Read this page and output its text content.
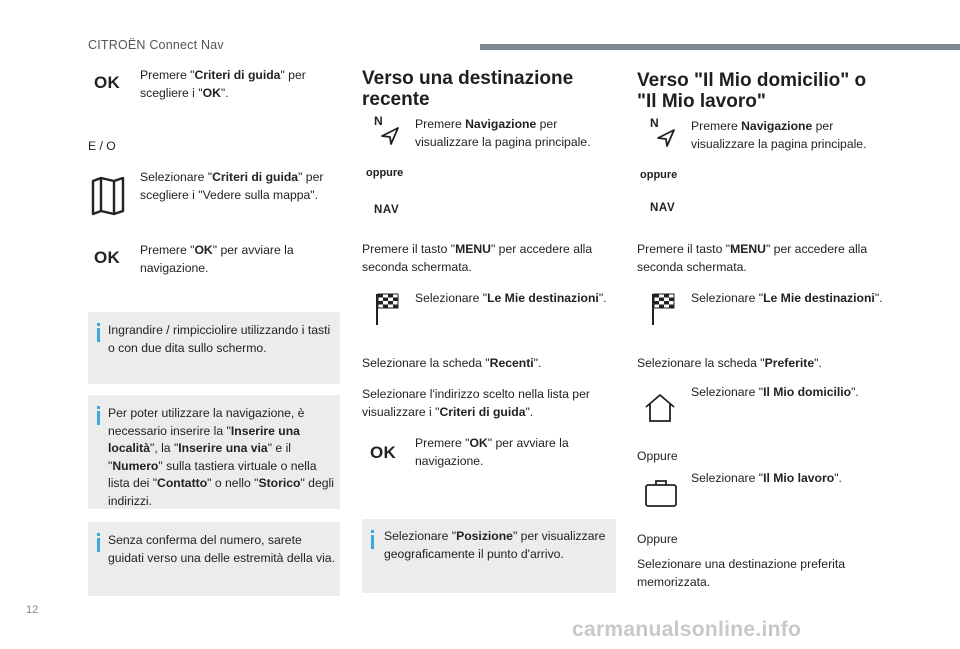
CITROËN Connect Nav
12
carmanualsonline.info
OK Premere "Criteri di guida" per scegliere i "OK".
E / O
Selezionare "Criteri di guida" per scegliere i "Vedere sulla mappa".
OK Premere "OK" per avviare la navigazione.
Ingrandire / rimpicciolire utilizzando i tasti o con due dita sullo schermo.
Per poter utilizzare la navigazione, è necessario inserire la "Inserire una località", la "Inserire una via" e il "Numero" sulla tastiera virtuale o nella lista dei "Contatto" o nello "Storico" degli indirizzi.
Senza conferma del numero, sarete guidati verso una delle estremità della via.
Verso una destinazione
recente
N	Premere Navigazione per visualizzare la pagina principale.
oppure
NAV
Premere il tasto "MENU" per accedere alla seconda schermata.
Selezionare "Le Mie destinazioni".
Selezionare la scheda "Recenti".
Selezionare l'indirizzo scelto nella lista per visualizzare i "Criteri di guida".
OK Premere "OK" per avviare la navigazione.
Selezionare "Posizione" per visualizzare geograficamente il punto d'arrivo.
Verso "Il Mio domicilio" o
"Il Mio lavoro"
N	Premere Navigazione per visualizzare la pagina principale.
oppure
NAV
Premere il tasto "MENU" per accedere alla seconda schermata.
Selezionare "Le Mie destinazioni".
Selezionare la scheda "Preferite".
Selezionare "Il Mio domicilio".
Oppure
Selezionare "Il Mio lavoro".
Oppure
Selezionare una destinazione preferita memorizzata.
